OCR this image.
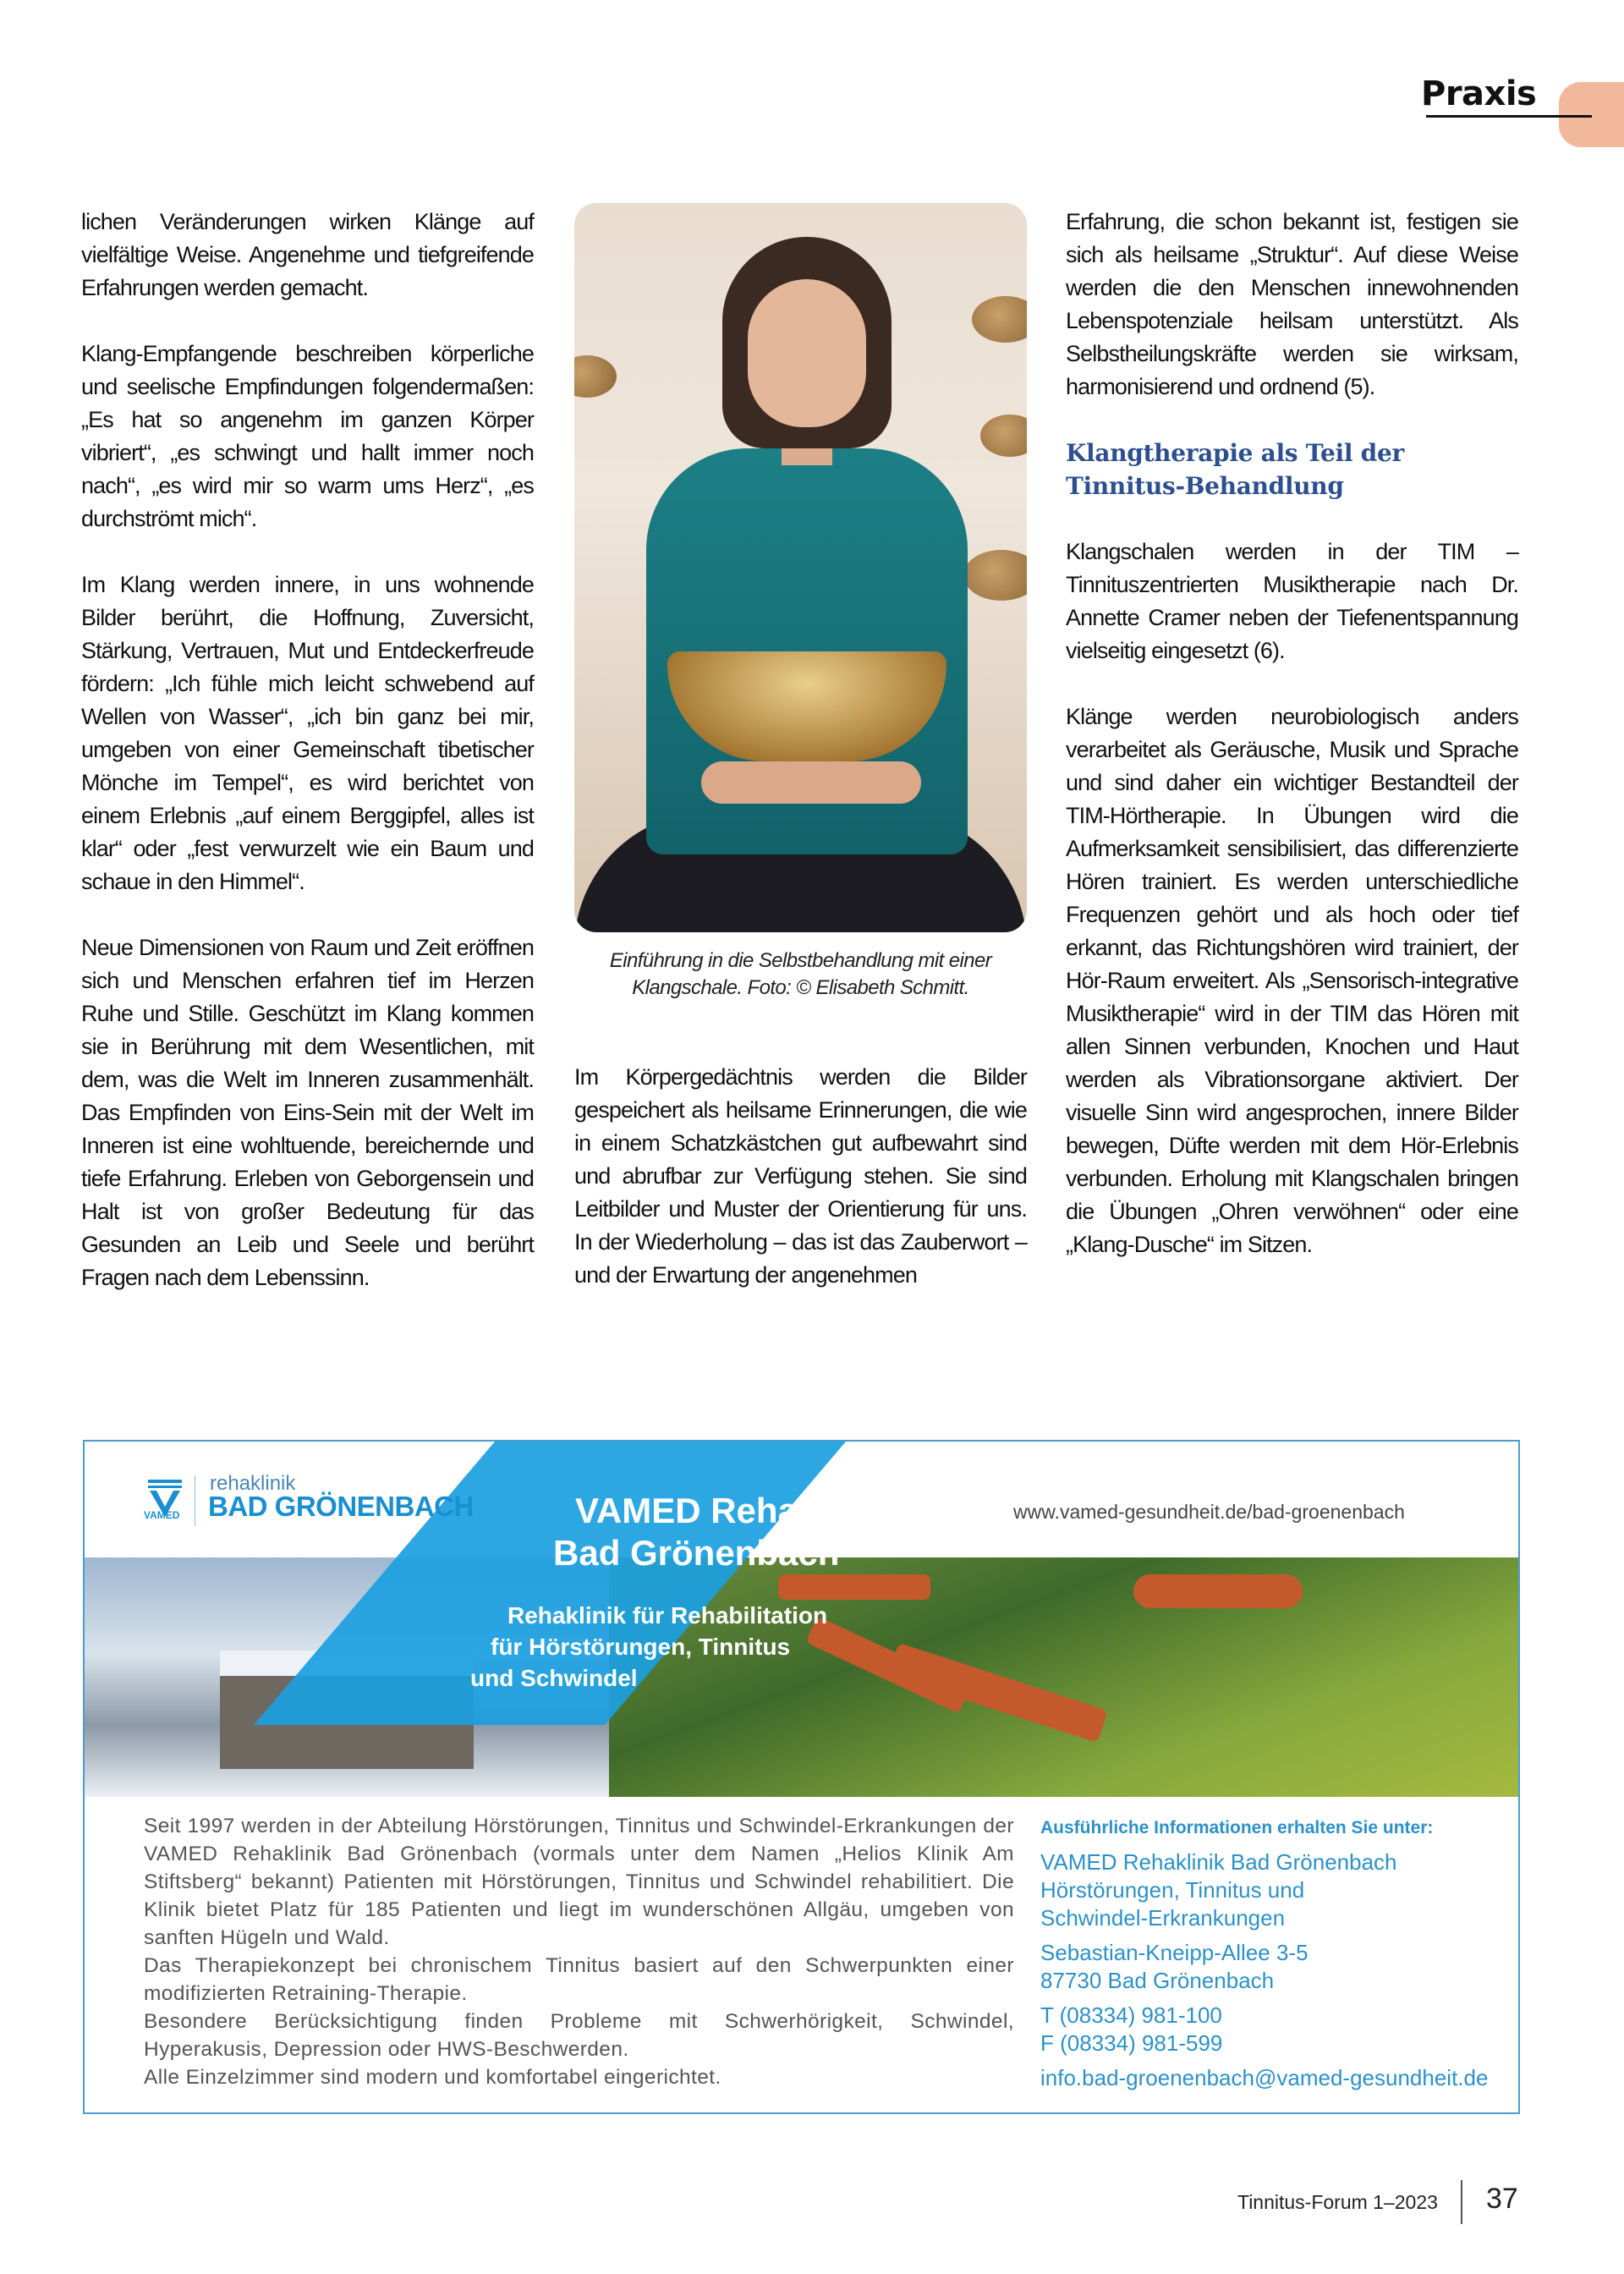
Praxis

lichen Veränderungen wirken Klänge auf vielfältige Weise. Angenehme und tiefgreifende Erfahrungen werden gemacht.

Klang-Empfangende beschreiben körperliche und seelische Empfindungen folgendermaßen: „Es hat so angenehm im ganzen Körper vibriert“, „es schwingt und hallt immer noch nach“, „es wird mir so warm ums Herz“, „es durchströmt mich“.

Im Klang werden innere, in uns wohnende Bilder berührt, die Hoffnung, Zuversicht, Stärkung, Vertrauen, Mut und Entdeckerfreude fördern: „Ich fühle mich leicht schwebend auf Wellen von Wasser“, „ich bin ganz bei mir, umgeben von einer Gemeinschaft tibetischer Mönche im Tempel“, es wird berichtet von einem Erlebnis „auf einem Berggipfel, alles ist klar“ oder „fest verwurzelt wie ein Baum und schaue in den Himmel“.

Neue Dimensionen von Raum und Zeit eröffnen sich und Menschen erfahren tief im Herzen Ruhe und Stille. Geschützt im Klang kommen sie in Berührung mit dem Wesentlichen, mit dem, was die Welt im Inneren zusammenhält. Das Empfinden von Eins-Sein mit der Welt im Inneren ist eine wohltuende, bereichernde und tiefe Erfahrung. Erleben von Geborgensein und Halt ist von großer Bedeutung für das Gesunden an Leib und Seele und berührt Fragen nach dem Lebenssinn.

Einführung in die Selbstbehandlung mit einer Klangschale. Foto: © Elisabeth Schmitt.

Im Körpergedächtnis werden die Bilder gespeichert als heilsame Erinnerungen, die wie in einem Schatzkästchen gut aufbewahrt sind und abrufbar zur Verfügung stehen. Sie sind Leitbilder und Muster der Orientierung für uns. In der Wiederholung – das ist das Zauberwort – und der Erwartung der angenehmen

Erfahrung, die schon bekannt ist, festigen sie sich als heilsame „Struktur“. Auf diese Weise werden die den Menschen innewohnenden Lebenspotenziale heilsam unterstützt. Als Selbstheilungskräfte werden sie wirksam, harmonisierend und ordnend (5).

Klangtherapie als Teil der Tinnitus-Behandlung

Klangschalen werden in der TIM – Tinnituszentrierten Musiktherapie nach Dr. Annette Cramer neben der Tiefenentspannung vielseitig eingesetzt (6).

Klänge werden neurobiologisch anders verarbeitet als Geräusche, Musik und Sprache und sind daher ein wichtiger Bestandteil der TIM-Hörtherapie. In Übungen wird die Aufmerksamkeit sensibilisiert, das differenzierte Hören trainiert. Es werden unterschiedliche Frequenzen gehört und als hoch oder tief erkannt, das Richtungshören wird trainiert, der Hör-Raum erweitert. Als „Sensorisch-integrative Musiktherapie“ wird in der TIM das Hören mit allen Sinnen verbunden, Knochen und Haut werden als Vibrationsorgane aktiviert. Der visuelle Sinn wird angesprochen, innere Bilder bewegen, Düfte werden mit dem Hör-Erlebnis verbunden. Erholung mit Klangschalen bringen die Übungen „Ohren verwöhnen“ oder eine „Klang-Dusche“ im Sitzen.

VAMED
rehaklinik
BAD GRÖNENBACH	VAMED Rehaklinik
Bad Grönenbach
Rehaklinik für Rehabilitation
für Hörstörungen, Tinnitus
und Schwindel
www.vamed-gesundheit.de/bad-groenenbach

Seit 1997 werden in der Abteilung Hörstörungen, Tinnitus und Schwindel-Erkrankungen der VAMED Rehaklinik Bad Grönenbach (vormals unter dem Namen „Helios Klinik Am Stiftsberg“ bekannt) Patienten mit Hörstörungen, Tinnitus und Schwindel rehabilitiert. Die Klinik bietet Platz für 185 Patienten und liegt im wunderschönen Allgäu, umgeben von sanften Hügeln und Wald.

Das Therapiekonzept bei chronischem Tinnitus basiert auf den Schwerpunkten einer modifizierten Retraining-Therapie.

Besondere Berücksichtigung finden Probleme mit Schwerhörigkeit, Schwindel, Hyperakusis, Depression oder HWS-Beschwerden.

Alle Einzelzimmer sind modern und komfortabel eingerichtet.

Ausführliche Informationen erhalten Sie unter:
VAMED Rehaklinik Bad Grönenbach
Hörstörungen, Tinnitus und
Schwindel-Erkrankungen
Sebastian-Kneipp-Allee 3-5
87730 Bad Grönenbach
T (08334) 981-100
F (08334) 981-599
info.bad-groenenbach@vamed-gesundheit.de
Tinnitus-Forum 1–2023 37
